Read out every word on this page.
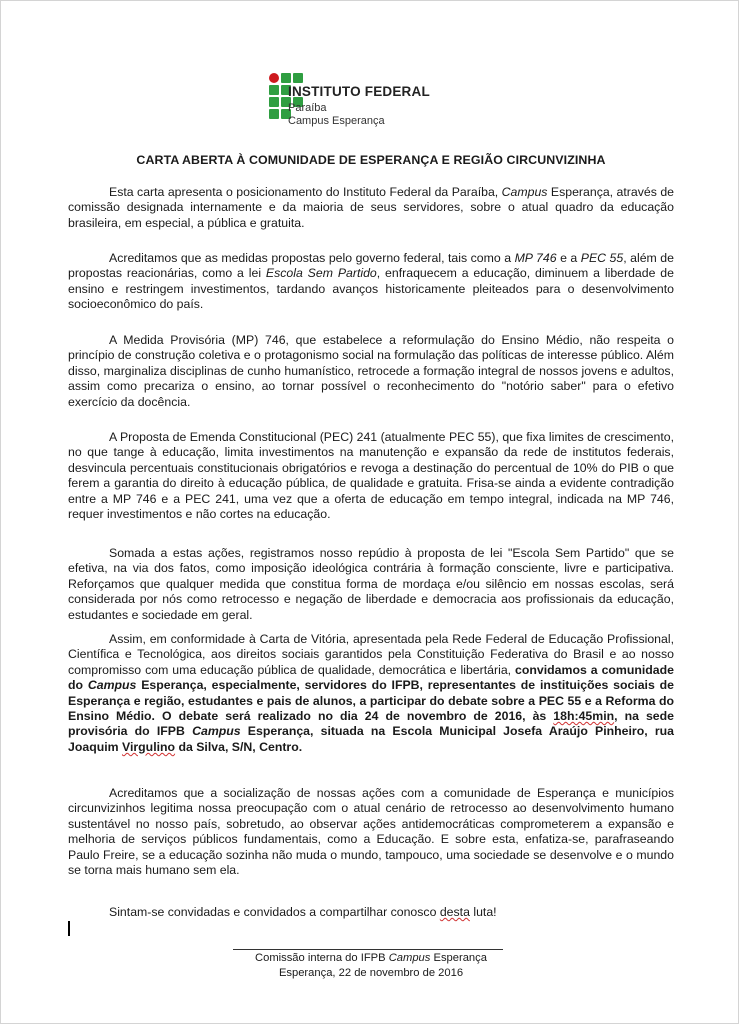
INSTITUTO FEDERAL
Paraíba
Campus Esperança
CARTA ABERTA À COMUNIDADE DE ESPERANÇA E REGIÃO CIRCUNVIZINHA

Esta carta apresenta o posicionamento do Instituto Federal da Paraíba, Campus Esperança, através de comissão designada internamente e da maioria de seus servidores, sobre o atual quadro da educação brasileira, em especial, a pública e gratuita.

Acreditamos que as medidas propostas pelo governo federal, tais como a MP 746 e a PEC 55, além de propostas reacionárias, como a lei Escola Sem Partido, enfraquecem a educação, diminuem a liberdade de ensino e restringem investimentos, tardando avanços historicamente pleiteados para o desenvolvimento socioeconômico do país.

A Medida Provisória (MP) 746, que estabelece a reformulação do Ensino Médio, não respeita o princípio de construção coletiva e o protagonismo social na formulação das políticas de interesse público. Além disso, marginaliza disciplinas de cunho humanístico, retrocede a formação integral de nossos jovens e adultos, assim como precariza o ensino, ao tornar possível o reconhecimento do "notório saber" para o efetivo exercício da docência.

A Proposta de Emenda Constitucional (PEC) 241 (atualmente PEC 55), que fixa limites de crescimento, no que tange à educação, limita investimentos na manutenção e expansão da rede de institutos federais, desvincula percentuais constitucionais obrigatórios e revoga a destinação do percentual de 10% do PIB o que ferem a garantia do direito à educação pública, de qualidade e gratuita. Frisa-se ainda a evidente contradição entre a MP 746 e a PEC 241, uma vez que a oferta de educação em tempo integral, indicada na MP 746, requer investimentos e não cortes na educação.

Somada a estas ações, registramos nosso repúdio à proposta de lei "Escola Sem Partido" que se efetiva, na via dos fatos, como imposição ideológica contrária à formação consciente, livre e participativa. Reforçamos que qualquer medida que constitua forma de mordaça e/ou silêncio em nossas escolas, será considerada por nós como retrocesso e negação de liberdade e democracia aos profissionais da educação, estudantes e sociedade em geral.

Assim, em conformidade à Carta de Vitória, apresentada pela Rede Federal de Educação Profissional, Científica e Tecnológica, aos direitos sociais garantidos pela Constituição Federativa do Brasil e ao nosso compromisso com uma educação pública de qualidade, democrática e libertária, convidamos a comunidade do Campus Esperança, especialmente, servidores do IFPB, representantes de instituições sociais de Esperança e região, estudantes e pais de alunos, a participar do debate sobre a PEC 55 e a Reforma do Ensino Médio. O debate será realizado no dia 24 de novembro de 2016, às 18h:45min, na sede provisória do IFPB Campus Esperança, situada na Escola Municipal Josefa Araújo Pinheiro, rua Joaquim Virgulino da Silva, S/N, Centro.

Acreditamos que a socialização de nossas ações com a comunidade de Esperança e municípios circunvizinhos legitima nossa preocupação com o atual cenário de retrocesso ao desenvolvimento humano sustentável no nosso país, sobretudo, ao observar ações antidemocráticas comprometerem a expansão e melhoria de serviços públicos fundamentais, como a Educação. E sobre esta, enfatiza-se, parafraseando Paulo Freire, se a educação sozinha não muda o mundo, tampouco, uma sociedade se desenvolve e o mundo se torna mais humano sem ela.

Sintam-se convidadas e convidados a compartilhar conosco desta luta!

Comissão interna do IFPB Campus Esperança
Esperança, 22 de novembro de 2016
